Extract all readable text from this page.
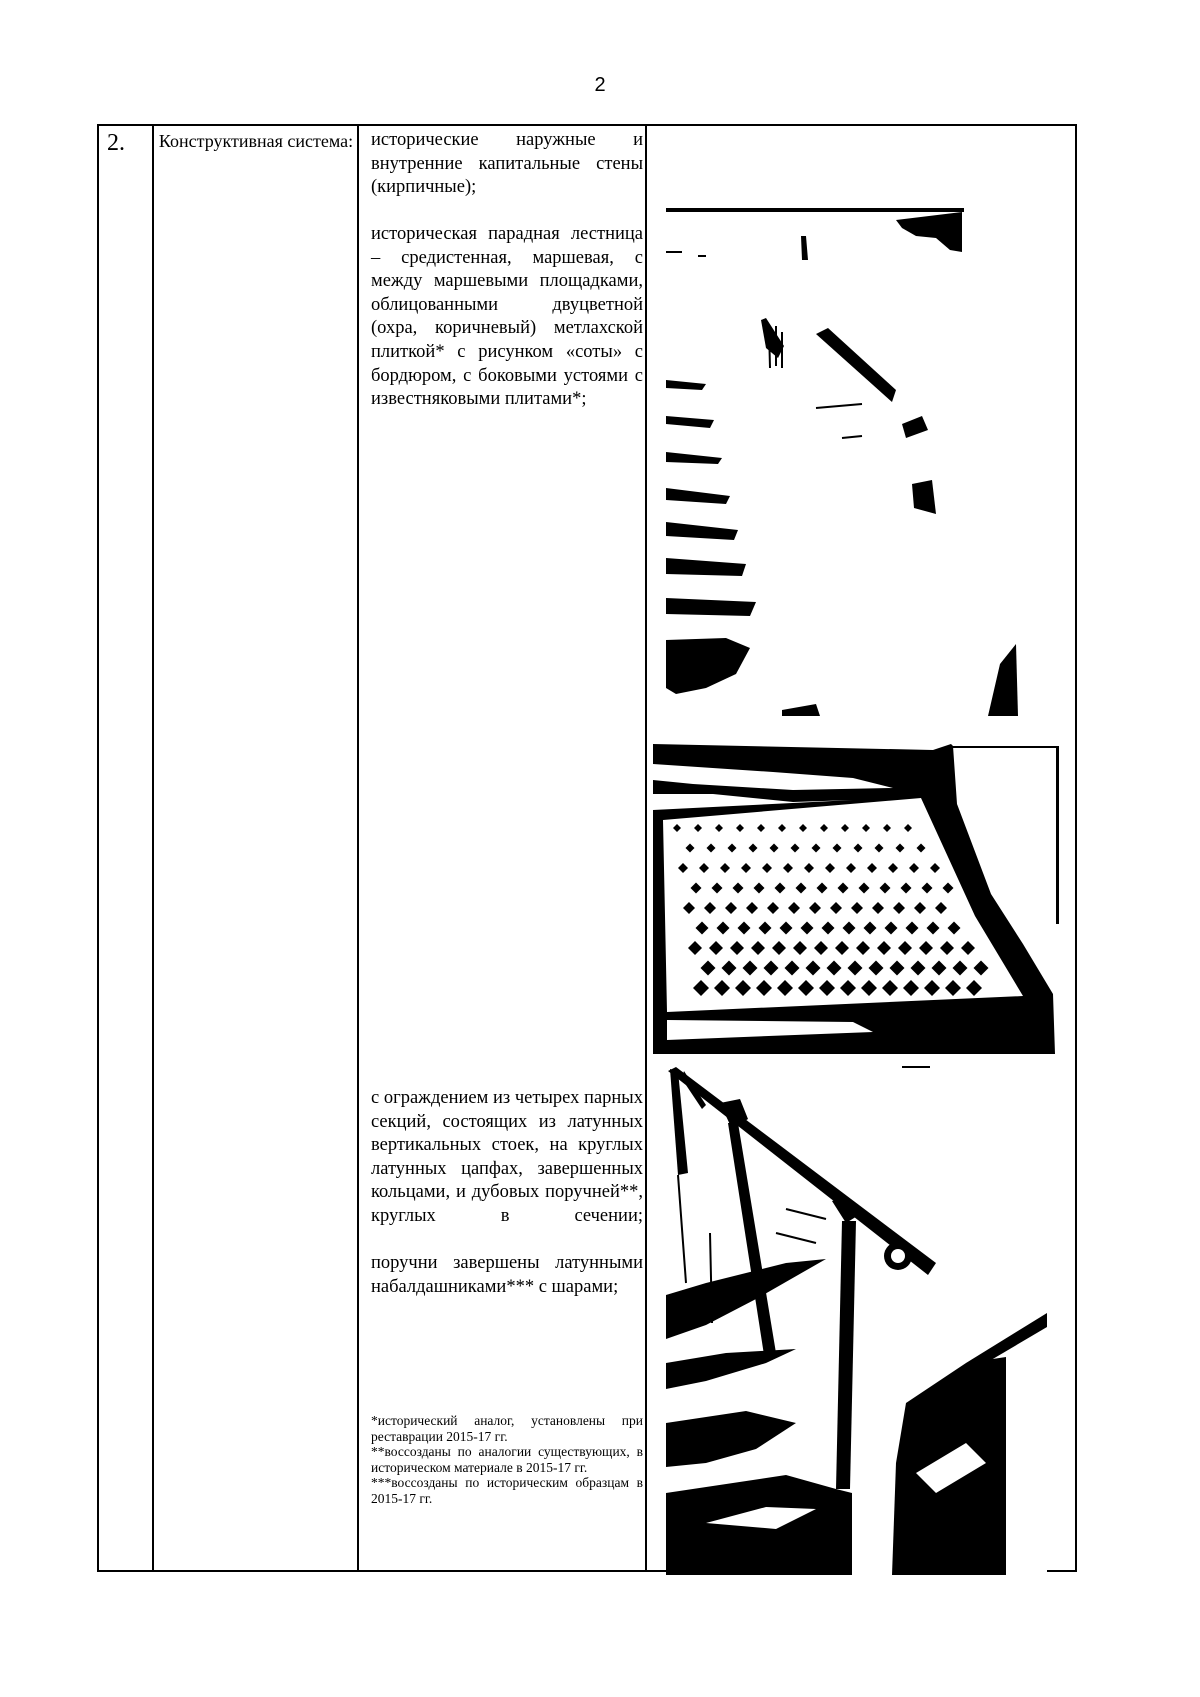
2
2. Конструктивная система: исторические наружные и внутренние капитальные стены (кирпичные);

историческая парадная лестница – средистенная, маршевая, с между маршевыми площадками, облицованными двуцветной (охра, коричневый) метлахской плиткой* с рисунком «соты» с бордюром, с боковыми устоями с известняковыми плитами*;

с ограждением из четырех парных секций, состоящих из латунных вертикальных стоек, на круглых латунных цапфах, завершенных кольцами, и дубовых поручней**, круглых в сечении;

поручни завершены латунными набалдашниками*** с шарами;

*исторический аналог, установлены при реставрации 2015-17 гг.

**воссозданы по аналогии существующих, в историческом материале в 2015-17 гг.

***воссозданы по историческим образцам в 2015-17 гг.
